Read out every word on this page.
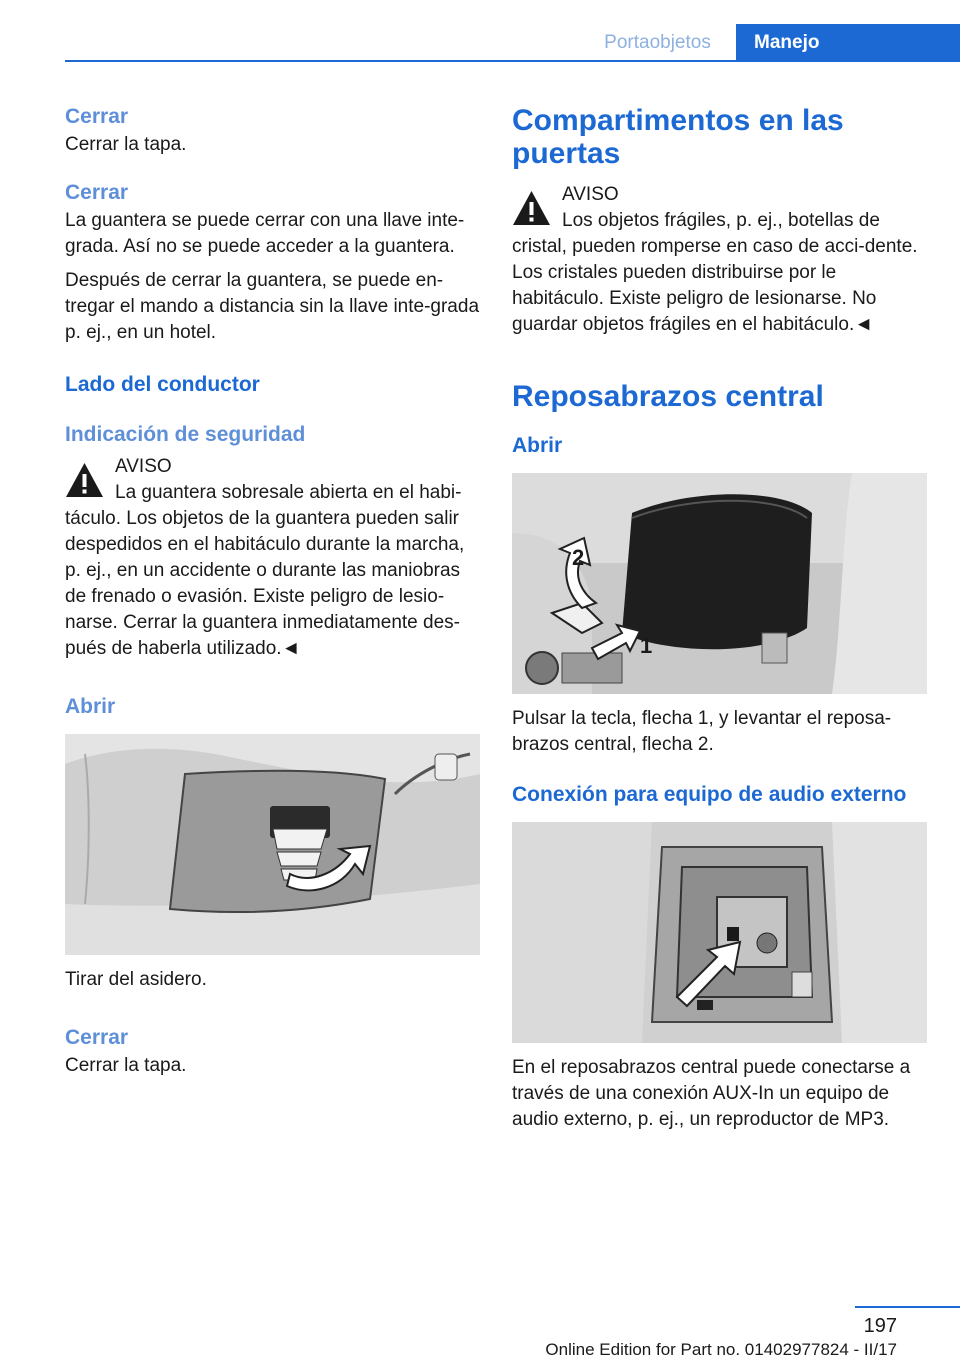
Portaobjetos	Manejo
Cerrar

Cerrar la tapa.

Cerrar

La guantera se puede cerrar con una llave inte‐grada. Así no se puede acceder a la guantera.

Después de cerrar la guantera, se puede en‐tregar el mando a distancia sin la llave inte‐grada p. ej., en un hotel.

Lado del conductor
Indicación de seguridad
AVISO

La guantera sobresale abierta en el habi‐táculo. Los objetos de la guantera pueden salir despedidos en el habitáculo durante la marcha, p. ej., en un accidente o durante las maniobras de frenado o evasión. Existe peligro de lesio‐narse. Cerrar la guantera inmediatamente des‐pués de haberla utilizado.◄

Abrir

Tirar del asidero.

Cerrar

Cerrar la tapa.

Compartimentos en las puertas
AVISO

Los objetos frágiles, p. ej., botellas de cristal, pueden romperse en caso de acci‐dente. Los cristales pueden distribuirse por le habitáculo. Existe peligro de lesionarse. No guardar objetos frágiles en el habitáculo.◄

Reposabrazos central
Abrir
2
1

Pulsar la tecla, flecha 1, y levantar el reposa‐brazos central, flecha 2.

Conexión para equipo de audio externo

En el reposabrazos central puede conectarse a través de una conexión AUX-In un equipo de audio externo, p. ej., un reproductor de MP3.

197
Online Edition for Part no. 01402977824 - II/17
